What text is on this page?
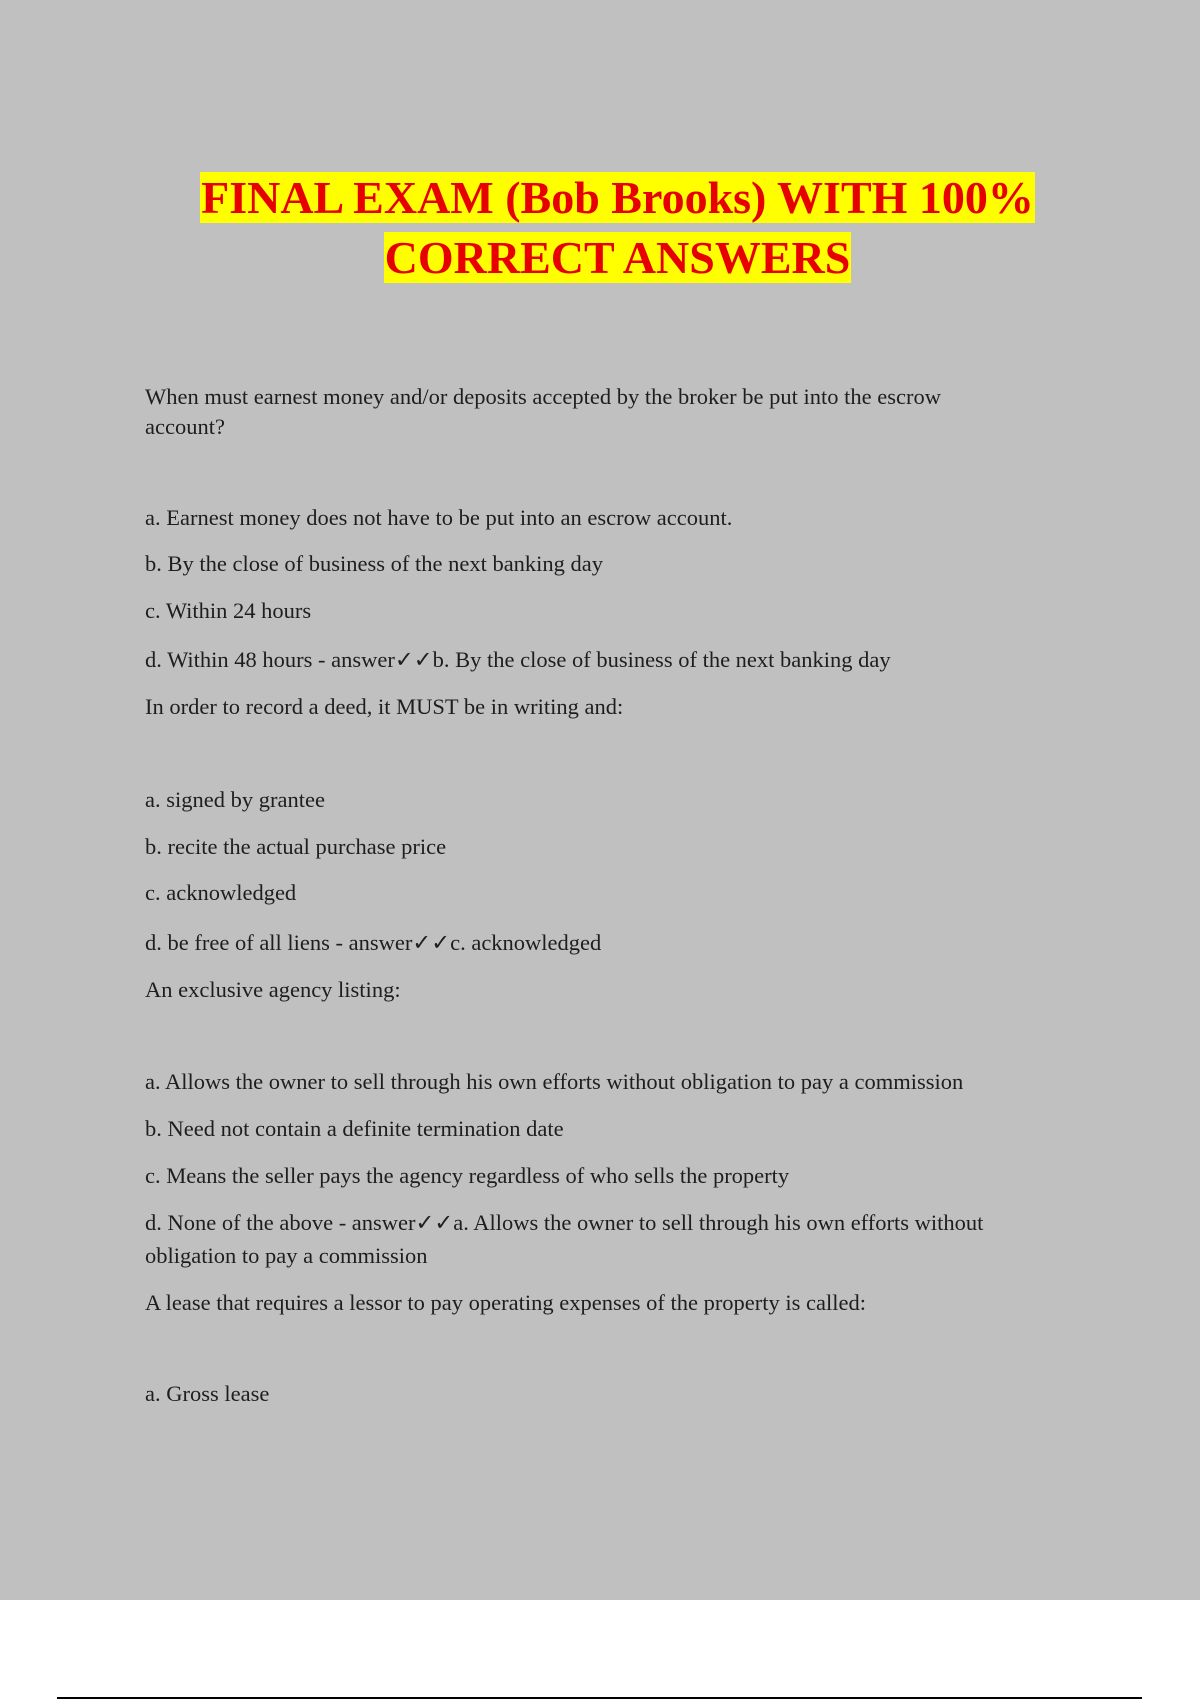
FINAL EXAM (Bob Brooks) WITH 100%
CORRECT ANSWERS
When must earnest money and/or deposits accepted by the broker be put into the escrow
account?
a. Earnest money does not have to be put into an escrow account.
b. By the close of business of the next banking day
c. Within 24 hours
d. Within 48 hours - answer✓✓b. By the close of business of the next banking day
In order to record a deed, it MUST be in writing and:
a. signed by grantee
b. recite the actual purchase price
c. acknowledged
d. be free of all liens - answer✓✓c. acknowledged
An exclusive agency listing:
a. Allows the owner to sell through his own efforts without obligation to pay a commission
b. Need not contain a definite termination date
c. Means the seller pays the agency regardless of who sells the property
d. None of the above - answer✓✓a. Allows the owner to sell through his own efforts without
obligation to pay a commission
A lease that requires a lessor to pay operating expenses of the property is called:
a. Gross lease
